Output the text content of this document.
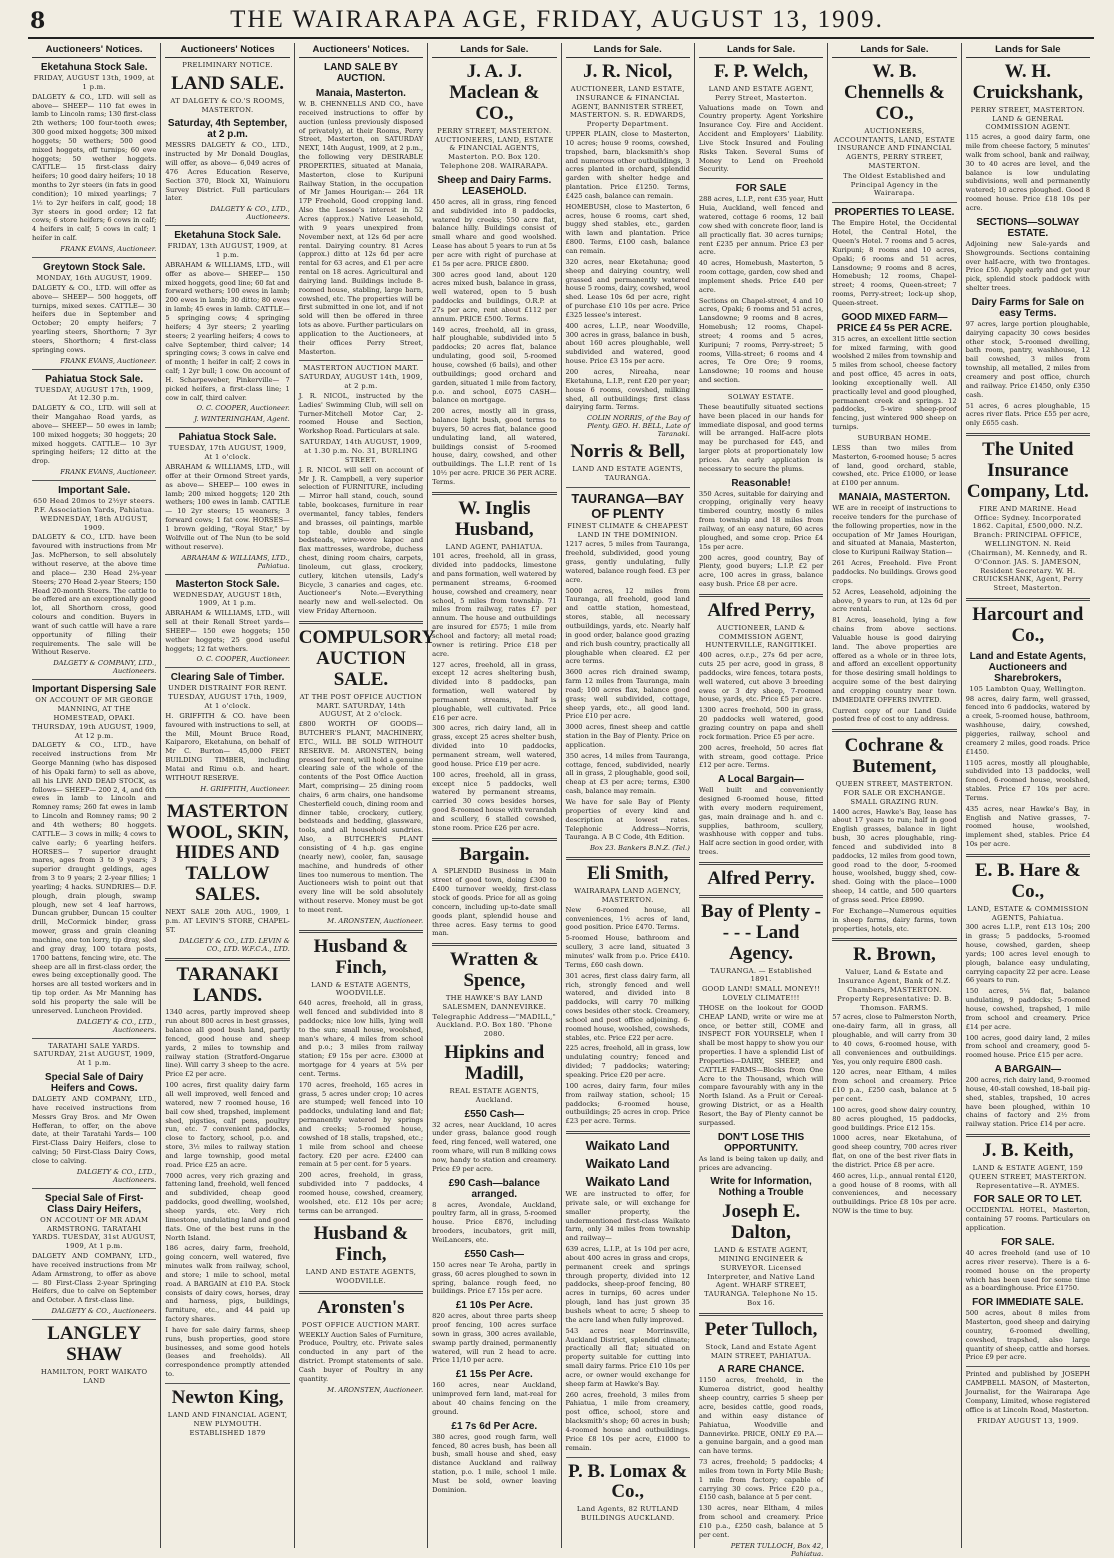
8	THE WAIRARAPA AGE, FRIDAY, AUGUST 13, 1909.
Auctioneers' Notices.
Eketahuna Stock Sale.
FRIDAY, AUGUST 13th, 1909, at 1 p.m.
DALGETY & CO., LTD. will sell as above— SHEEP— 110 fat ewes in lamb to Lincoln rams; 130 first-class 2th wethers; 100 four-tooth ewes; 300 good mixed hoggets; 300 mixed hoggets; 50 wethers; 500 good mixed hoggets, off turnips; 60 ewe hoggets; 50 wether hoggets. CATTLE— 15 first-class dairy heifers; 10 good dairy heifers; 10 18 months to 2yr steers (in fats in good condition); 10 mixed yearlings; 7 1½ to 2yr heifers in calf, good; 18 3yr steers in good order; 12 fat cows; 6 store heifers; 6 cows in calf; 4 heifers in calf; 5 cows in calf; 1 heifer in calf.
FRANK EVANS, Auctioneer.
Greytown Stock Sale.
MONDAY, 16th AUGUST, 1909.
DALGETY & CO., LTD. will offer as above— SHEEP— 500 hoggets, off turnips, mixed sexes. CATTLE— 30 heifers due in September and October; 20 empty heifers; 7 yearling steers, Shorthorn; 7 3yr steers, Shorthorn; 4 first-class springing cows.
FRANK EVANS, Auctioneer.
Pahiatua Stock Sale.
TUESDAY, AUGUST 17th, 1909, At 12.30 p.m.
DALGETY & CO., LTD. will sell at their Mangahao Road yards, as above— SHEEP— 50 ewes in lamb; 100 mixed hoggets; 30 hoggets; 20 mixed hoggets. CATTLE— 10 3yr springing heifers; 12 ditto at the drop.
FRANK EVANS, Auctioneer.
Important Sale.
650 Head 20mos to 2½yr steers. P.F. Association Yards, Pahiatua. WEDNESDAY, 18th AUGUST, 1909.
DALGETY & CO., LTD. have been favoured with instructions from Mr Jas. McPherson, to sell absolutely without reserve, at the above time and place— 230 Head 2¼-year Steers; 270 Head 2-year Steers; 150 Head 20-month Steers. The cattle to be offered are an exceptionally good lot, all Shorthorn cross, good colours and condition. Buyers in want of such cattle will have a rare opportunity of filling their requirements. The sale will be Without Reserve.
DALGETY & COMPANY, LTD., Auctioneers.
Important Dispersing Sale
ON ACCOUNT OF MR GEORGE MANNING, AT THE HOMESTEAD, OPAKI. THURSDAY, 19th AUGUST, 1909, At 12 p.m.
DALGETY & CO., LTD., have received instructions from Mr George Manning (who has disposed of his Opaki farm) to sell as above, all his LIVE AND DEAD STOCK, as follows— SHEEP— 200 2, 4, and 6th ewes in lamb to Lincoln and Romney rams; 260 fat ewes in lamb to Lincoln and Romney rams; 90 2 and 4th wethers; 80 hoggets. CATTLE— 3 cows in milk; 4 cows to calve early; 6 yearling heifers. HORSES— 7 superior draught mares, ages from 3 to 9 years; 3 superior draught geldings, ages from 3 to 9 years; 2 2-year fillies; 1 yearling; 4 hacks. SUNDRIES— D.F. plough, drain plough, swamp plough, new set 4 leaf harrows, Duncan grubber, Duncan 15 coulter drill, McCormick binder, grass mower, grass and grain cleaning machine, one ton lorry, tip dray, sled and gray dray, 100 totara posts, 1700 battens, fencing wire, etc. The sheep are all in first-class order, the ewes being exceptionally good. The horses are all tested workers and in tip top order. As Mr Manning has sold his property the sale will be unreserved. Luncheon Provided.
DALGETY & CO., LTD., Auctioneers.
TARATAHI SALE YARDS. SATURDAY, 21st AUGUST, 1909, At 1 p.m.
Special Sale of Dairy Heifers and Cows.
DALGETY AND COMPANY, LTD., have received instructions from Messrs Gray Bros. and Mr Owen Hefferan, to offer, on the above date, at their Taratahi Yards— 100 First-Class Dairy Heifers, close to calving; 50 First-Class Dairy Cows, close to calving.
DALGETY & CO., LTD., Auctioneers.
Special Sale of First-Class Dairy Heifers,
ON ACCOUNT OF MR ADAM ARMSTRONG. TARATAHI YARDS. TUESDAY, 31st AUGUST, 1909, At 1 p.m.
DALGETY AND COMPANY, LTD., have received instructions from Mr Adam Armstrong, to offer as above— 80 First-Class 2-year Springing Heifers, due to calve on September and October. A first-class line.
DALGETY & CO., Auctioneers.
LANGLEY SHAW
HAMILTON, PORT WAIKATO LAND
Auctioneers' Notices
PRELIMINARY NOTICE.
LAND SALE.
AT DALGETY & CO.'S ROOMS, MASTERTON.
Saturday, 4th September, at 2 p.m.
MESSRS DALGETY & CO., LTD., instructed by Mr Donald Douglas, will offer, as above— 6,049 acres of 476 Acres Education Reserve, Section 370, Block XI, Wainuioru Survey District. Full particulars later.
DALGETY & CO., LTD., Auctioneers.
Eketahuna Stock Sale.
FRIDAY, 13th AUGUST, 1909, at 1 p.m.
ABRAHAM & WILLIAMS, LTD., will offer as above— SHEEP— 150 mixed hoggets, good line; 60 fat and forward wethers; 100 ewes in lamb; 200 ewes in lamb; 30 ditto; 80 ewes in lamb; 45 ewes in lamb. CATTLE— 5 springing cows; 4 springing heifers; 4 3yr steers; 2 yearling steers; 2 yearling heifers; 4 cows to calve September, third calver; 14 springing cows; 3 cows in calve end of month; 1 heifer in calf; 2 cows in calf; 1 2yr bull; 1 cow. On account of H. Scharpeweber, Pinkerville— 7 picked heifers, a first-class line; 1 cow in calf, third calver.
O. C. COOPER, Auctioneer.
J. WINTERINGHAM, Agent.
Pahiatua Stock Sale.
TUESDAY, 17th AUGUST, 1909, At 1 o'clock.
ABRAHAM & WILLIAMS, LTD., will offer at their Ormond Street yards, as above— SHEEP— 100 ewes in lamb; 200 mixed hoggets; 120 2th wethers; 100 ewes in lamb. CATTLE— 10 2yr steers; 15 weaners; 3 forward cows; 1 fat cow. HORSES— 1 brown gelding, "Royal Star," by Wolfville out of The Nun (to be sold without reserve).
ABRAHAM & WILLIAMS, LTD., Pahiatua.
Masterton Stock Sale.
WEDNESDAY, AUGUST 18th, 1909, At 1 p.m.
ABRAHAM & WILLIAMS, LTD., will sell at their Renall Street yards— SHEEP— 150 ewe hoggets; 150 wether hoggets; 25 good useful hoggets; 12 fat wethers.
O. C. COOPER, Auctioneer.
Clearing Sale of Timber.
UNDER DISTRAINT FOR RENT. TUESDAY, AUGUST 17th, 1909, At 1 o'clock.
H. GRIFFITH & CO. have been favoured with instructions to sell, at the Mill, Mount Bruce Road, Kaiparoro, Eketahuna, on behalf of Mr C. Burton— 45,000 FEET BUILDING TIMBER, including Matai and Rimu o.b. and heart. WITHOUT RESERVE.
H. GRIFFITH, Auctioneer.
MASTERTON WOOL, SKIN, HIDES AND TALLOW SALES.
NEXT SALE 20th AUG., 1909, 1 p.m. AT LEVIN'S STORE, CHAPEL-ST.
DALGETY & CO., LTD. LEVIN & CO., LTD. W.F.C.A., LTD.
TARANAKI LANDS.
1340 acres, partly improved sheep run about 800 acres in best grasses, balance all good bush land, partly fenced, good house and sheep yards, 2 miles to township and railway station (Stratford-Ongarue line). Will carry 3 sheep to the acre. Price £2 per acre.
100 acres, first quality dairy farm all well improved, well fenced and watered, new 7 roomed house, 16 bail cow shed, trapshed, implement shed, pigsties, calf pens, poultry run, etc. 7 convenient paddocks, close to factory, school, p.o. and store, 3½ miles to railway station and large township, good metal road. Price £25 an acre.
7000 acres, very rich grazing and fattening land, freehold, well fenced and subdivided, cheap good paddocks, good dwelling, woolshed, sheep yards, etc. Very rich limestone, undulating land and good flats. One of the best runs in the North Island.
186 acres, dairy farm, freehold, going concern, well watered, five minutes walk from railway, school, and store; 1 mile to school, metal road. A BARGAIN at £10 P.A. Stock consists of dairy cows, horses, dray and harness, pigs, buildings, furniture, etc., and 44 paid up factory shares.
I have for sale dairy farms, sheep runs, bush properties, good store businesses, and some good hotels (leases and freeholds). All correspondence promptly attended to.
Newton King,
LAND AND FINANCIAL AGENT, NEW PLYMOUTH. ESTABLISHED 1879
Auctioneers' Notices.
LAND SALE BY AUCTION.
Manaia, Masterton.
W. B. CHENNELLS AND CO., have received instructions to offer by auction (unless previously disposed of privately), at their Rooms, Perry Street, Masterton, on SATURDAY NEXT, 14th August, 1909, at 2 p.m., the following very DESIRABLE PROPERTIES, situated at Manaia, Masterton, close to Kuripuni Railway Station, in the occupation of Mr James Hourigan:— 264 1R 17P Freehold, Good cropping land. Also the Lessee's interest in 52 Acres (approx.) Native Leasehold, with 9 years unexpired from November next, at 12s 6d per acre rental. Dairying country. 81 Acres (approx.) ditto at 12s 6d per acre rental for 63 acres, and £1 per acre rental on 18 acres. Agricultural and dairying land. Buildings include 8-roomed house, stabling, large barn, cowshed, etc. The properties will be first submitted in one lot, and if not sold will then be offered in three lots as above. Further particulars on application to the Auctioneers, at their offices Perry Street, Masterton.
MASTERTON AUCTION MART. SATURDAY, AUGUST 14th, 1909, at 2 p.m.
J. R. NICOL, instructed by the Ladies' Swimming Club, will sell on Turner-Mitchell Motor Car, 2-roomed House and Section, Workshop Road. Particulars at sale.
SATURDAY, 14th AUGUST, 1909, at 1.30 p.m. No. 31, BURLING STREET.
J. R. NICOL will sell on account of Mr J. R. Campbell, a very superior selection of FURNITURE, including— Mirror hall stand, couch, sound table, bookcases, furniture in rear overmantel, fancy tables, fenders and brasses, oil paintings, marble top table, double and single bedsteads, wire-wove kapoc and flax mattresses, wardrobe, duchess chest, dining room chairs, carpets, linoleum, cut glass, crockery, cutlery, kitchen utensils, Lady's Bicycle, 3 canaries and cages, etc. Auctioneer's Note.—Everything nearly new and well-selected. On view Friday Afternoon.
COMPULSORY AUCTION SALE.
AT THE POST OFFICE AUCTION MART. SATURDAY, 14th AUGUST, At 2 o'clock.
£800 WORTH OF GOODS—BUTCHER'S PLANT, MACHINERY, ETC., WILL BE SOLD WITHOUT RESERVE. M. ARONSTEN, being pressed for rent, will hold a genuine clearing sale of the whole of the contents of the Post Office Auction Mart, comprising— 25 dining room chairs, 6 arm chairs, one handsome Chesterfield couch, dining room and dinner table, crockery, cutlery, bedsteads and bedding, glassware, tools, and all household sundries. Also, a BUTCHER'S PLANT consisting of 4 h.p. gas engine (nearly new), cooler, fan, sausage machine, and hundreds of other lines too numerous to mention. The Auctioneers wish to point out that every line will be sold absolutely without reserve. Money must be got to meet rent.
M. ARONSTEN, Auctioneer.
Husband & Finch,
LAND & ESTATE AGENTS, WOODVILLE.
640 acres, freehold, all in grass, well fenced and subdivided into 8 paddocks; nice low hills, lying well to the sun; small house, woolshed, man's whare, 4 miles from school and p.o.; 3 miles from railway station; £9 15s per acre. £3000 at mortgage for 4 years at 5¼ per cent. Terms.
170 acres, freehold, 165 acres in grass, 5 acres under crop; 10 acres are stumped; well fenced into 10 paddocks, undulating land and flat; permanently watered by springs and creeks; 5-roomed house, cowshed of 18 stalls, trapshed, etc.; 1 mile from school and cheese factory. £20 per acre. £2400 can remain at 5 per cent. for 5 years.
200 acres, freehold, in grass, subdivided into 7 paddocks, 4 roomed house, cowshed, creamery, woolshed, etc. £12 10s per acre; terms can be arranged.
Husband & Finch,
LAND AND ESTATE AGENTS, WOODVILLE.
Aronsten's
POST OFFICE AUCTION MART.
WEEKLY Auction Sales of Furniture, Produce, Poultry, etc. Private sales conducted in any part of the district. Prompt statements of sale. Cash buyer of Poultry in any quantity.
M. ARONSTEN, Auctioneer.
Lands for Sale.
J. A. J. Maclean & CO.,
PERRY STREET, MASTERTON. AUCTIONEERS, LAND, ESTATE & FINANCIAL AGENTS, Masterton. P.O. Box 120. Telephone 208. WAIRARAPA.
Sheep and Dairy Farms. LEASEHOLD.
450 acres, all in grass, ring fenced and subdivided into 8 paddocks, watered by creeks; 550 acre flat, balance hilly. Buildings consist of small whare and good woolshed. Lease has about 5 years to run at 5s per acre with right of purchase at £1 5s per acre. PRICE £800.
300 acres good land, about 120 acres mixed bush, balance in grass, well watered, open to 5 bush paddocks and buildings, O.R.P. at 27s per acre, rent about £112 per annum. PRICE £500. Terms.
149 acres, freehold, all in grass, half ploughable, subdivided into 5 paddocks; 20 acres flat, balance undulating, good soil, 5-roomed house, cowshed (6 bails), and other outbuildings; good orchard and garden, situated 1 mile from factory, p.o. and school, £075 CASH—balance on mortgage.
200 acres, mostly all in grass, balance light bush, good terms to buyers, 50 acres flat, balance good undulating land, all watered, buildings consist of 5-roomed house, dairy, cowshed, and other outbuildings. The L.I.P. rent of 1s 10½ per acre. PRICE 36 PER ACRE. Terms.
W. Inglis Husband,
LAND AGENT, PAHIATUA.
101 acres, freehold, all in grass, divided into paddocks, limestone and pans formation, well watered by permanent streams, 6-roomed house, cowshed and creamery, near school, 5 miles from township. 71 miles from railway, rates £7 per annum. The house and outbuildings are insured for £575; 1 mile from school and factory; all metal road; owner is retiring. Price £18 per acre.
127 acres, freehold, all in grass, except 12 acres sheltering bush, divided into 8 paddocks, pan formation, well watered by permanent streams, half is ploughable, well cultivated. Price £16 per acre.
300 acres, rich dairy land, all in grass, except 25 acres shelter bush, divided into 10 paddocks, permanent stream, well watered, good house. Price £19 per acre.
100 acres, freehold, all in grass, except nice 5 paddocks, well watered by permanent streams, carried 30 cows besides horses, good 8-roomed house with verandah and scullery, 6 stalled cowshed, stone room. Price £26 per acre.
Bargain.
A SPLENDID Business in Main street of good town, doing £300 to £400 turnover weekly, first-class stock of goods. Price for all as going concern, including up-to-date small goods plant, splendid house and three acres. Easy terms to good man.
Wratten & Spence,
THE HAWKE'S BAY LAND SALESMEN, DANNEVIRKE.
Telegraphic Address—"MADILL," Auckland. P.O. Box 180. 'Phone 2080.
Hipkins and Madill,
REAL ESTATE AGENTS, Auckland.
£550 Cash—
32 acres, near Auckland, 10 acres under grass, balance good rough feed, ring fenced, well watered, one room whare, will run 8 milking cows now, handy to station and creamery. Price £9 per acre.
£90 Cash—balance arranged.
8 acres, Avondale, Auckland, poultry farm, all in grass, 5-roomed house. Price £876, including brooders, incubators, grit mill, WeiLancers, etc.
£550 Cash—
150 acres near Te Aroha, partly in grass, 60 acres ploughed to sown in spring, balance rough feed, no buildings. Price £7 15s per acre.
£1 10s Per Acre.
820 acres, about three parts sheep proof fencing, 100 acres surface sown in grass, 300 acres available, swamp partly drained, permanently watered, will run 2 head to acre. Price 11/10 per acre.
£1 15s Per Acre.
160 acres, near Auckland, unimproved fern land, mat-real for about 40 chains fencing on the ground.
£1 7s 6d Per Acre.
380 acres, good rough farm, well fenced, 80 acres bush, has been all bush, small house and shed, easy distance Auckland and railway station, p.o. 1 mile, school 1 mile. Must be sold, owner leaving Dominion.
Lands for Sale.
J. R. Nicol,
AUCTIONEER, LAND ESTATE, INSURANCE & FINANCIAL AGENT, BANNISTER STREET, MASTERTON. S. R. EDWARDS, Property Department.
UPPER PLAIN, close to Masterton, 10 acres; house 9 rooms, cowshed, trapshed, barn, blacksmith's shop and numerous other outbuildings, 3 acres planted in orchard, splendid garden with shelter hedge and plantation. Price £1250. Terms, £425 cash, balance can remain.
HOMEBUSH, close to Masterton, 6 acres, house 6 rooms, cart shed, buggy shed stables, etc., garden with lawn and plantation. Price £800. Terms, £100 cash, balance can remain.
320 acres, near Eketahuna; good sheep and dairying country, well grassed and permanently watered house 5 rooms, dairy, cowshed, wool shed. Lease 10s 6d per acre, right of purchase £10 10s per acre. Price £325 lessee's interest.
400 acres, L.I.P., near Woodville, 300 acres in grass, balance in bush, about 160 acres ploughable, well subdivided and watered, good house. Price £3 15s per acre.
200 acres, Nireaha, near Eketahuna, L.I.P., rent £20 per year; house 6 rooms, cowshed, milking shed, all outbuildings; first class dairying farm. Terms.
COLIN NORRIS, of the Bay of Plenty. GEO. H. BELL, Late of Taranaki.
Norris & Bell,
LAND AND ESTATE AGENTS, TAURANGA.
TAURANGA—BAY OF PLENTY
FINEST CLIMATE & CHEAPEST LAND IN THE DOMINION.
1217 acres, 5 miles from Tauranga, freehold, subdivided, good young grass, gently undulating, fully watered, balance rough feed. £3 per acre.
5000 acres, 12 miles from Tauranga, all freehold, good land and cattle station, homestead, stores, stable, all necessary outbuildings, yards, etc. Nearly half in good order, balance good grazing and rich bush country, practically all ploughable when cleared. £2 per acre terms.
3600 acres rich drained swamp, farm 12 miles from Tauranga, main road; 100 acres flax, balance good grass; well subdivided, cottage, sheep yards, etc., all good land. Price £10 per acre.
3000 acres, finest sheep and cattle station in the Bay of Plenty. Price on application.
350 acres, 14 miles from Tauranga, cottage, fenced, subdivided, nearly all in grass, 2 ploughable, good soil, cheap at £3 per acre; terms, £300 cash, balance may remain.
We have for sale Bay of Plenty properties of every kind and description at lowest rates. Telephonic Address—Norris, Tauranga. A B C Code, 4th Edition.
Box 23. Bankers B.N.Z. (Tel.)
Eli Smith,
WAIRARAPA LAND AGENCY, MASTERTON.
New 6-roomed house, all conveniences, 1½ acres of land, good position. Price £470. Terms.
5-roomed House, bathroom and scullery, 3 acre land, situated 3 minutes' walk from p.o. Price £410. Terms, £60 cash down.
301 acres, first class dairy farm, all rich, strongly fenced and well watered, and divided into 8 paddocks, will carry 70 milking cows besides other stock. Creamery, school and post office adjoining. 6-roomed house, woolshed, cowsheds, stables, etc. Price £22 per acre.
225 acres, freehold, all in grass, low undulating country; fenced and divided; 7 paddocks; watering; speaking. Price £20 per acre.
100 acres, dairy farm, four miles from railway station, school; 15 paddocks; 6-roomed house, outbuildings; 25 acres in crop. Price £23 per acre. Terms.
Waikato Land
Waikato Land
Waikato Land
WE are instructed to offer, for private sale, or will exchange for smaller property, the undermentioned first-class Waikato farm, only 34 miles from township and railway—
639 acres, L.I.P., at 1s 10d per acre, about 400 acres in grass and crops, permanent creek and springs through property, divided into 12 paddocks, sheep-proof fencing, 80 acres in turnips, 60 acres under plough, land has just grown 35 bushels wheat to acre; 5 sheep to the acre land when fully improved.
543 acres near Morrinsville, Auckland District, splendid climate; practically all flat; situated on property suitable for cutting into small dairy farms. Price £10 10s per acre, or owner would exchange for sheep farm at Hawke's Bay.
260 acres, freehold, 3 miles from Pahiatua, 1 mile from creamery, post office, school, store and blacksmith's shop; 60 acres in bush; 4-roomed house and outbuildings. Price £8 10s per acre, £1000 to remain.
P. B. Lomax & Co.,
Land Agents, 82 RUTLAND BUILDINGS AUCKLAND.
Lands for Sale.
F. P. Welch,
LAND AND ESTATE AGENT, Perry Street, Masterton.
Valuations made on Town and Country property. Agent Yorkshire Insurance Coy. Fire and Accident. Accident and Employers' Liability. Live Stock Insured and Fouling Risks Taken. Several Sums of Money to Lend on Freehold Security.
FOR SALE
288 acres, L.I.P., rent £35 year, Hutt Huia, Auckland, well fenced and watered, cottage 6 rooms, 12 bail cow shed with concrete floor, land is all practically flat. 30 acres turnips; rent £235 per annum. Price £3 per acre.
40 acres, Homebush, Masterton, 5 room cottage, garden, cow shed and implement sheds. Price £40 per acre.
Sections on Chapel-street, 4 and 10 acres, Opaki; 6 rooms and 51 acres, Lansdowne; 9 rooms and 8 acres, Homebush; 12 rooms, Chapel-street; 4 rooms and 5 acres, Kuripuni; 7 rooms, Perry-street; 5 rooms, Villa-street; 6 rooms and 4 acres, Te Ore Ore; 9 rooms, Lansdowne; 10 rooms and house and section.
SOLWAY ESTATE.
These beautifully situated sections have been placed in our hands for immediate disposal, and good terms will be arranged. Half-acre plots may be purchased for £45, and larger plots at proportionately low prices. An early application is necessary to secure the plums.
Reasonable!
350 Acres, suitable for dairying and cropping, originally very heavy timbered country, mostly 6 miles from township and 18 miles from railway, of an easy nature, 60 acres ploughed, and some crop. Price £4 15s per acre.
200 acres, good country, Bay of Plenty, good buyers; L.I.P. £2 per acre, 100 acres in grass, balance easy bush. Price £8 per acre.
Alfred Perry,
AUCTIONEER, LAND & COMMISSION AGENT, HUNTERVILLE, RANGITIKEI.
400 acres, o.r.p., 27s 6d per acre, cuts 25 per acre, good in grass, 8 paddocks, wire fences, totara posts, well watered, cut above 3 breeding ewes or 3 dry sheep, 7-roomed house, yards, etc. Price £5 per acre.
1300 acres freehold, 500 in grass, 20 paddocks well watered, good grazing country on papa and shell rock formation. Price £5 per acre.
200 acres, freehold, 50 acres flat with stream, good cottage. Price £12 per acre. Terms.
A Local Bargain—
Well built and conveniently designed 6-roomed house, fitted with every modern requirement, gas, main drainage and h. and c. supplies, bathroom, scullery, washhouse with copper and tubs. Half acre section in good order, with trees.
Alfred Perry.
Bay of Plenty - - - - Land Agency.
TAURANGA. — Established 1891.
GOOD LAND! SMALL MONEY!! LOVELY CLIMATE!!!
THOSE on the lookout for GOOD CHEAP LAND, write or wire me at once, or better still, COME and INSPECT FOR YOURSELF, when I shall be most happy to show you our properties. I have a splendid List of Properties—DAIRY, SHEEP, and CATTLE FARMS—Blocks from One Acre to the Thousand, which will compare favourably with any in the North Island. As a Fruit or Cereal-growing District, or as a Health Resort, the Bay of Plenty cannot be surpassed.
DON'T LOSE THIS OPPORTUNITY.
As land is being taken up daily, and prices are advancing.
Write for Information, Nothing a Trouble
Joseph E. Dalton,
LAND & ESTATE AGENT, MINING ENGINEER & SURVEYOR. Licensed Interpreter, and Native Land Agent. WHARF STREET, TAURANGA. Telephone No 15. Box 16.
Peter Tulloch,
Stock, Land and Estate Agent MAIN STREET, PAHIATUA.
A RARE CHANCE.
1150 acres, freehold, in the Kumeroa district, good healthy sheep country, carries 5 sheep per acre, besides cattle, good roads, and within easy distance of Pahiatua, Woodville and Dannevirke. PRICE, ONLY £9 P.A.—a genuine bargain, and a good man can have terms.
73 acres, freehold; 5 paddocks; 4 miles from town in Forty Mile Bush; 1 mile from factory; capable of carrying 30 cows. Price £20 p.a., £150 cash, balance at 5 per cent.
130 acres, near Eltham, 4 miles from school and creamery. Price £10 p.a., £250 cash, balance at 5 per cent.
PETER TULLOCH, Box 42, Pahiatua.
Lands for Sale.
W. B. Chennells & CO.,
AUCTIONEERS, ACCOUNTANTS, LAND, ESTATE INSURANCE AND FINANCIAL AGENTS, PERRY STREET, MASTERTON.
The Oldest Established and Principal Agency in the Wairarapa.
PROPERTIES TO LEASE.
The Empire Hotel, the Occidental Hotel, the Central Hotel, the Queen's Hotel. 7 rooms and 5 acres, Kuripuni; 8 rooms and 10 acres, Opaki; 6 rooms and 51 acres, Lansdowne; 9 rooms and 8 acres, Homebush; 12 rooms, Chapel-street; 4 rooms, Queen-street; 7 rooms, Perry-street; lock-up shop, Queen-street.
GOOD MIXED FARM—PRICE £4 5s PER ACRE.
315 acres, an excellent little section for mixed farming, with good woolshed 2 miles from township and 5 miles from school, cheese factory and post office, 45 acres in oats, looking exceptionally well. All practically level and good ploughed, permanent creek and springs. 12 paddocks, 5-wire sheep-proof fencing, just wintered 900 sheep on turnips.
SUBURBAN HOME.
LESS than two miles from Masterton, 6-roomed house; 5 acres of land, good orchard, stable, cowshed, etc. Price £1000, or lease at £100 per annum.
MANAIA, MASTERTON.
WE are in receipt of instructions to receive tenders for the purchase of the following properties, now in the occupation of Mr James Hourigan, and situated at Manaia, Masterton, close to Kuripuni Railway Station—
261 Acres, Freehold. Five Front paddocks. No buildings. Grows good crops.
52 Acres, Leasehold, adjoining the above, 9 years to run, at 12s 6d per acre rental.
81 Acres, leasehold, lying a few chains from above sections. Valuable house is good dairying land. The above properties are offered as a whole or in three lots, and afford an excellent opportunity for those desiring small holdings to acquire some of the best dairying and cropping country near town. IMMEDIATE OFFERS INVITED.
Current copy of our Land Guide posted free of cost to any address.
Cochrane & Butement,
QUEEN STREET, MASTERTON. FOR SALE OR EXCHANGE. SMALL GRAZING RUN.
1400 acres, Hawke's Bay, lease has about 17 years to run; half in good English grasses, balance in light bush, 30 acres ploughable, ring-fenced and subdivided into 8 paddocks, 12 miles from good town, good road to the door, 5-roomed house, woolshed, buggy shed, cow-shed. Going with the place—1000 sheep, 14 cattle, and 500 quarters of grass seed. Price £8990.
For Exchange—Numerous equities in sheep farms, dairy farms, town properties, hotels, etc.
R. Brown,
Valuer, Land & Estate and Insurance Agent, Bank of N.Z. Chambers, MASTERTON. Property Representative: D. B. Thomson. FARMS.
57 acres, close to Palmerston North, one-dairy farm, all in grass, all ploughable, and will carry from 30 to 40 cows, 6-roomed house, with all conveniences and outbuildings. Yes, you only require £800 cash.
120 acres, near Eltham, 4 miles from school and creamery. Price £10 p.a., £250 cash, balance at 5 per cent.
100 acres, good show dairy country, 80 acres ploughed, 15 paddocks, good buildings. Price £12 15s.
1000 acres, near Eketahuna, of good sheep country, 700 acres river flat, on one of the best river flats in the district. Price £8 per acre.
460 acres, l.i.p., annual rental £120, a good house of 8 rooms, with all conveniences, and necessary outbuildings. Price £8 10s per acre. NOW is the time to buy.
Lands for Sale
W. H. Cruickshank,
PERRY STREET, MASTERTON. LAND & GENERAL COMMISSION AGENT.
115 acres, a good dairy farm, one mile from cheese factory, 5 minutes' walk from school, bank and railway, 30 to 40 acres are level, and the balance is low undulating subdivisions, well and permanently watered; 10 acres ploughed. Good 8 roomed house. Price £18 10s per acre.
SECTIONS—SOLWAY ESTATE.
Adjoining new Sale-yards and Showgrounds. Sections containing over half-acre, with two frontages. Price £50. Apply early and get your pick, splendid stock paddock with shelter trees.
Dairy Farms for Sale on easy Terms.
97 acres, large portion ploughable, dairying capacity 30 cows besides other stock, 5-roomed dwelling, bath room, pantry, washhouse, 12 bail cowshed, 3 miles from township, all metalled, 2 miles from creamery and post office, church and railway. Price £1450, only £350 cash.
51 acres, 6 acres ploughable, 15 acres river flats. Price £55 per acre, only £655 cash.
The United Insurance Company, Ltd.
FIRE AND MARINE. Head Office: Sydney. Incorporated 1862. Capital, £500,000. N.Z. Branch: PRINCIPAL OFFICE, WELLINGTON. N. Reid (Chairman), M. Kennedy, and R. O'Connor. JAS. S. JAMESON, Resident Secretary. W. H. CRUICKSHANK, Agent, Perry Street, Masterton.
Harcourt and Co.,
Land and Estate Agents, Auctioneers and Sharebrokers,
105 Lambton Quay, Wellington.
98 acres, dairy farm, well grassed, fenced into 6 paddocks, watered by a creek, 5-roomed house, bathroom, washhouse, dairy, cowshed, piggeries, railway, school and creamery 2 miles, good roads. Price £1450.
1105 acres, mostly all ploughable, subdivided into 13 paddocks, well fenced, 6-roomed house, woolshed, stables. Price £7 10s per acre. Terms.
435 acres, near Hawke's Bay, in English and Native grasses, 7-roomed house, woolshed, implement shed, stables. Price £4 10s per acre.
E. B. Hare & Co.,
LAND, ESTATE & COMMISSION AGENTS, Pahiatua.
300 acres L.I.P., rent £13 10s; 200 in grass; 5 paddocks, 5-roomed house, cowshed, garden, sheep yards; 100 acres level enough to plough, balance easy undulating, carrying capacity 22 per acre. Lease 66 years to run.
150 acres, 5¼ flat, balance undulating, 9 paddocks; 5-roomed house, cowshed, trapshed, 1 mile from school and creamery. Price £14 per acre.
100 acres, good dairy land, 2 miles from school and creamery, good 5-roomed house. Price £15 per acre.
A BARGAIN—
200 acres, rich dairy land, 9-roomed house, 40-stall cowshed, 18-bail pig-shed, stables, trapshed, 10 acres have been ploughed, within 10 chains of factory and 2½ from railway station. Price £14 per acre.
J. B. Keith,
LAND & ESTATE AGENT, 159 QUEEN STREET, MASTERTON. Representative—R. AYMES.
FOR SALE OR TO LET.
OCCIDENTAL HOTEL, Masterton, containing 57 rooms. Particulars on application.
FOR SALE.
40 acres freehold (and use of 10 acres river reserve). There is a 6-roomed house on the property which has been used for some time as a boardinghouse. Price £1750.
FOR IMMEDIATE SALE.
500 acres, about 8 miles from Masterton, good sheep and dairying country, 6-roomed dwelling, cowshed, trapshed, also large quantity of sheep, cattle and horses. Price £9 per acre.
Printed and published by JOSEPH CAMPBELL MASON, of Masterton, Journalist, for the Wairarapa Age Company, Limited, whose registered office is at Lincoln Road, Masterton.
FRIDAY AUGUST 13, 1909.
